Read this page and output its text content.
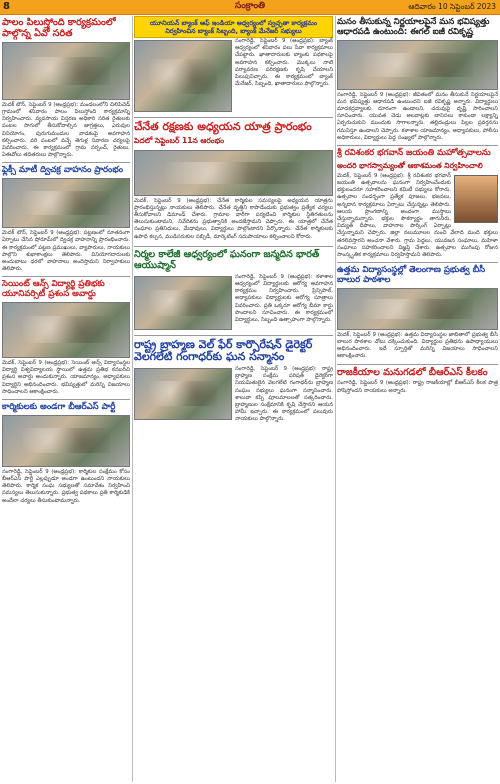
8	సంక్రాంతి	ఆదివారం 10 సెప్టెంబర్ 2023
పాలం పిలుస్తోంది కార్యక్రమంలో పాల్గొన్న ఏవో సరిత

మెదక్ టౌన్, సెప్టెంబర్ 9 (ఆంధ్రప్రభ): మండలంలోని చిలిపిచెడ్ గ్రామంలో శనివారం పాలం పిలుస్తోంది కార్యక్రమాన్ని నిర్వహించారు. వ్యవసాయ విస్తరణ అధికారి సరిత రైతులకు పంటల సాగులో తీసుకోవాల్సిన జాగ్రత్తలు, ఎరువుల వినియోగం, పురుగుమందుల వాడకంపై అవగాహన కల్పించారు. వరి పంటలో వచ్చే తెగుళ్ల నివారణ చర్యలపై వివరించారు. ఈ కార్యక్రమంలో గ్రామ సర్పంచ్, రైతులు, ఏఈవోలు తదితరులు పాల్గొన్నారు.

ఫ్లెక్సీ మాటీ ద్విచక్ర వాహనం ప్రారంభం

మెదక్ టౌన్, సెప్టెంబర్ 9 (ఆంధ్రప్రభ): పట్టణంలో నూతనంగా ఏర్పాటు చేసిన షోరూమ్‌లో ద్విచక్ర వాహనాన్ని ప్రారంభించారు. ఈ కార్యక్రమంలో పట్టణ ప్రముఖులు, వ్యాపారులు, నాయకులు పాల్గొని శుభాకాంక్షలు తెలిపారు. వినియోగదారులకు అందుబాటు ధరలో వాహనాలు అందిస్తామని నిర్వాహకులు తెలిపారు.

సెయింట్ ఆన్స్ విద్యార్థి ప్రతిభకు యూనివర్సిటీ ప్రశంస అవార్డు

మెదక్, సెప్టెంబర్ 9 (ఆంధ్రప్రభ): సెయింట్ ఆన్స్ విద్యాసంస్థల విద్యార్థి విశ్వవిద్యాలయ స్థాయిలో ఉత్తమ ప్రతిభ కనబరిచి ప్రశంస అవార్డు అందుకున్నారు. యాజమాన్యం, అధ్యాపకులు విద్యార్థిని అభినందించారు. భవిష్యత్తులో మరిన్ని విజయాలు సాధించాలని ఆకాంక్షించారు.

కార్మికులకు అండగా బీఆర్ఎస్ పార్టీ

సంగారెడ్డి, సెప్టెంబర్ 9 (ఆంధ్రప్రభ): కార్మికుల సంక్షేమం కోసం బీఆర్ఎస్ పార్టీ ఎల్లప్పుడూ అండగా ఉంటుందని నాయకులు తెలిపారు. కార్మిక సంఘ సభ్యులతో సమావేశం నిర్వహించి సమస్యలు తెలుసుకున్నారు. ప్రభుత్వ పథకాలు ప్రతి కార్మికుడికి అందేలా చర్యలు తీసుకుంటామన్నారు.

యూనియన్ బ్యాంక్ ఆఫ్ ఇండియా ఆధ్వర్యంలో స్వచ్ఛతా కార్యక్రమం నిర్వహించిన బ్యాంక్ సిబ్బంది, బ్యాంక్ మేనేజర్ సభ్యులు

సంగారెడ్డి, సెప్టెంబర్ 9 (ఆంధ్రప్రభ): బ్యాంక్ ఆధ్వర్యంలో శనివారం పలు సేవా కార్యక్రమాలు చేపట్టారు. ఖాతాదారులకు బ్యాంకు పథకాలపై అవగాహన కల్పించారు. మొక్కలు నాటి పర్యావరణ పరిరక్షణకు కృషి చేయాలని పిలుపునిచ్చారు. ఈ కార్యక్రమంలో బ్యాంక్ మేనేజర్, సిబ్బంది, ఖాతాదారులు పాల్గొన్నారు.

చేనేత రక్షణకు అధ్యయన యాత్ర ప్రారంభం
పెదలో సెప్టెంబర్ 11న ఆరంభం

మెదక్, సెప్టెంబర్ 9 (ఆంధ్రప్రభ): చేనేత కార్మికుల సమస్యలపై అధ్యయన యాత్రను ప్రారంభిస్తున్నట్లు నాయకులు తెలిపారు. చేనేత వృత్తిని కాపాడేందుకు ప్రభుత్వం ప్రత్యేక చర్యలు తీసుకోవాలని డిమాండ్ చేశారు. గ్రామాల వారీగా పర్యటించి కార్మికుల స్థితిగతులను తెలుసుకుంటామని, నివేదికను ప్రభుత్వానికి అందజేస్తామని చెప్పారు. ఈ యాత్రలో చేనేత సంఘాల ప్రతినిధులు, మేధావులు, విద్యార్థులు పాల్గొంటారని పేర్కొన్నారు. చేనేత కార్మికులకు ఉపాధి కల్పన, ముడిసరుకుల సబ్సిడీ, మార్కెటింగ్ సదుపాయాలు కల్పించాలని కోరారు.

నిర్మల కాలేజీ ఆధ్వర్యంలో ఘనంగా జన్మదిన భారత్ ఆయుష్మాన్

సంగారెడ్డి, సెప్టెంబర్ 9 (ఆంధ్రప్రభ): కళాశాల ఆధ్వర్యంలో విద్యార్థులకు ఆరోగ్య అవగాహన కార్యక్రమం నిర్వహించారు. ప్రిన్సిపాల్, అధ్యాపకులు విద్యార్థులకు ఆరోగ్య సూత్రాలు వివరించారు. ప్రతి ఒక్కరూ ఆరోగ్య బీమా కార్డు పొందాలని సూచించారు. ఈ కార్యక్రమంలో విద్యార్థులు, సిబ్బంది ఉత్సాహంగా పాల్గొన్నారు.

రాష్ట్ర బ్రాహ్మణ వెల్ ఫేర్ కార్పొరేషన్ డైరెక్టర్ వెలగలేటి గంగాధర్‌కు ఘన సన్మానం

సంగారెడ్డి, సెప్టెంబర్ 9 (ఆంధ్రప్రభ): రాష్ట్ర బ్రాహ్మణ సంక్షేమ పరిషత్ డైరెక్టర్‌గా నియమితులైన వెలగలేటి గంగాధర్‌ను బ్రాహ్మణ సంఘం సభ్యులు ఘనంగా సన్మానించారు. శాలువా కప్పి పూలమాలలతో సత్కరించారు. బ్రాహ్మణుల సంక్షేమానికి కృషి చేస్తానని ఆయన హామీ ఇచ్చారు. ఈ కార్యక్రమంలో పలువురు నాయకులు పాల్గొన్నారు.

మనం తీసుకున్న నిర్ణయాలపైనే మన భవిష్యత్తు ఆధారపడి ఉంటుంది: ఈగల్ ఐజీ రవికృష్ణ

సంగారెడ్డి, సెప్టెంబర్ 9 (ఆంధ్రప్రభ): జీవితంలో మనం తీసుకునే నిర్ణయాలపైనే మన భవిష్యత్తు ఆధారపడి ఉంటుందని ఐజీ రవికృష్ణ అన్నారు. విద్యార్థులు మాదకద్రవ్యాలకు దూరంగా ఉండాలని, చదువుపై దృష్టి సారించాలని సూచించారు. యువత చెడు అలవాట్లకు బానిసలు కాకుండా లక్ష్యాన్ని ఏర్పరుచుకుని ముందుకు సాగాలన్నారు. తల్లిదండ్రులు పిల్లల ప్రవర్తనను గమనిస్తూ ఉండాలని చెప్పారు. కళాశాల యాజమాన్యం, అధ్యాపకులు, పోలీసు అధికారులు, విద్యార్థులు పెద్ద సంఖ్యలో పాల్గొన్నారు.

శ్రీ రవిశంకర భగవాన్ జయంతి మహోత్సవాలను
అందరి భాగస్వామ్యంతో ఆకాశమంత నిర్వహించాలి

మెదక్, సెప్టెంబర్ 9 (ఆంధ్రప్రభ): శ్రీ రవిశంకర భగవాన్ జయంతి ఉత్సవాలను ఘనంగా నిర్వహించేందుకు భక్తులందరూ సహకరించాలని కమిటీ సభ్యులు కోరారు. ఉత్సవాల సందర్భంగా ప్రత్యేక పూజలు, భజనలు, అన్నదాన కార్యక్రమాలు ఏర్పాటు చేస్తున్నట్లు తెలిపారు. ఆలయ ప్రాంగణాన్ని అందంగా ముస్తాబు చేస్తున్నామన్నారు. భక్తుల సౌకర్యార్థం తాగునీరు, విద్యుత్ దీపాలు, వాహనాల పార్కింగ్ ఏర్పాట్లు చేస్తున్నామని చెప్పారు. జిల్లా నలుమూలల నుంచి వేలాది మంది భక్తులు తరలివస్తారని అంచనా వేశారు. గ్రామ పెద్దలు, యువజన సంఘాలు, మహిళా సంఘాలు సహకరించాలని విజ్ఞప్తి చేశారు. ఉత్సవాల ముగింపు రోజున సాంస్కృతిక కార్యక్రమాలు నిర్వహిస్తామని తెలిపారు.

ఉత్తమ విద్యాసంస్థల్లో తెలంగాణ ప్రభుత్వ బీసీ బాలుర పాఠశాల

మెదక్, సెప్టెంబర్ 9 (ఆంధ్రప్రభ): ఉత్తమ విద్యాసంస్థల జాబితాలో ప్రభుత్వ బీసీ బాలుర పాఠశాల చోటు దక్కించుకుంది. విద్యార్థుల ప్రతిభను ఉపాధ్యాయులు అభినందించారు. ఇదే స్ఫూర్తితో మరిన్ని విజయాలు సాధించాలని ఆకాంక్షించారు.

రాజకీయాల మనుగడలో బీఆర్ఎస్ కీలకం

సంగారెడ్డి, సెప్టెంబర్ 9 (ఆంధ్రప్రభ): రాష్ట్ర రాజకీయాల్లో బీఆర్ఎస్ కీలక పాత్ర పోషిస్తోందని నాయకులు అన్నారు.
